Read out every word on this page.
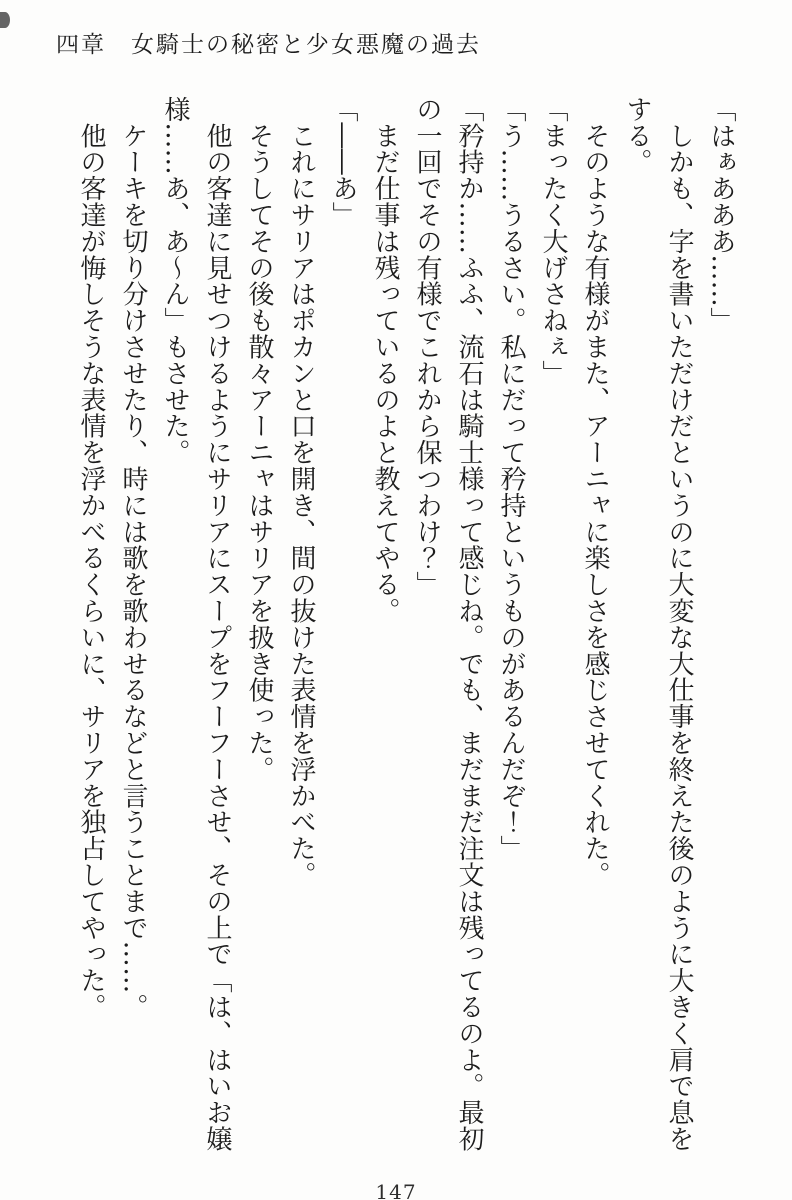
四章　女騎士の秘密と少女悪魔の過去

「はぁあああ……」

　しかも、字を書いただけだというのに大変な大仕事を終えた後のように大きく肩で息を

する。

　そのような有様がまた、アーニャに楽しさを感じさせてくれた。

「まったく大げさねぇ」

「う……うるさい。私にだって矜持というものがあるんだぞ！」

「矜持か……ふふ、流石は騎士様って感じね。でも、まだまだ注文は残ってるのよ。最初

の一回でその有様でこれから保つわけ？」

　まだ仕事は残っているのよと教えてやる。

「――あ」

　これにサリアはポカンと口を開き、間の抜けた表情を浮かべた。

　そうしてその後も散々アーニャはサリアを扱き使った。

　他の客達に見せつけるようにサリアにスープをフーフーさせ、その上で「は、はいお嬢

様……あ、あ〜ん」もさせた。

　ケーキを切り分けさせたり、時には歌を歌わせるなどと言うことまで……。

　他の客達が悔しそうな表情を浮かべるくらいに、サリアを独占してやった。

147
